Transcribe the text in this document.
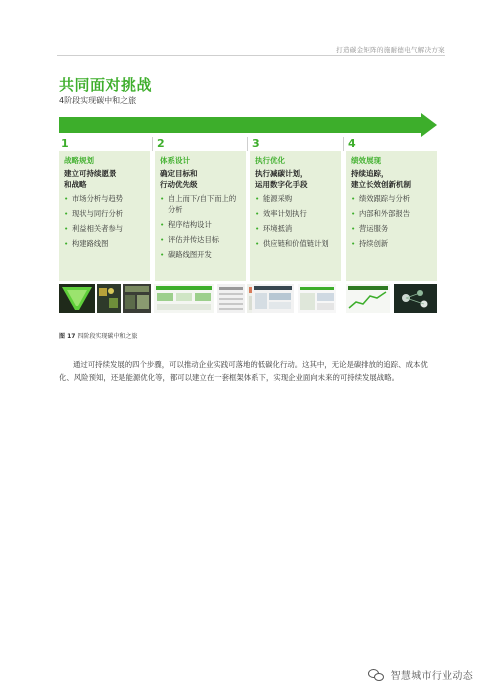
打造碳金矩阵的施耐德电气解决方案
共同面对挑战
4阶段实现碳中和之旅
1
战略规划
建立可持续愿景
和战略
• 市场分析与趋势
• 现状与同行分析
• 利益相关者参与
• 构建路线图
2
体系设计
确定目标和
行动优先级
• 自上而下/自下而上的分析
• 程序结构设计
• 评估并传达目标
• 碳路线图开发
3
执行优化
执行减碳计划，
运用数字化手段
• 能源采购
• 效率计划执行
• 环境抵消
• 供应链和价值链计划
4
绩效展现
持续追踪，
建立长效创新机制
• 绩效跟踪与分析
• 内部和外部报告
• 营运服务
• 持续创新
图 17 四阶段实现碳中和之旅

通过可持续发展的四个步骤，可以推动企业实践可落地的低碳化行动。这其中，无论是碳排放的追踪、成本优化、风险预知，还是能源优化等，都可以建立在一套框架体系下，实现企业面向未来的可持续发展战略。

智慧城市行业动态
